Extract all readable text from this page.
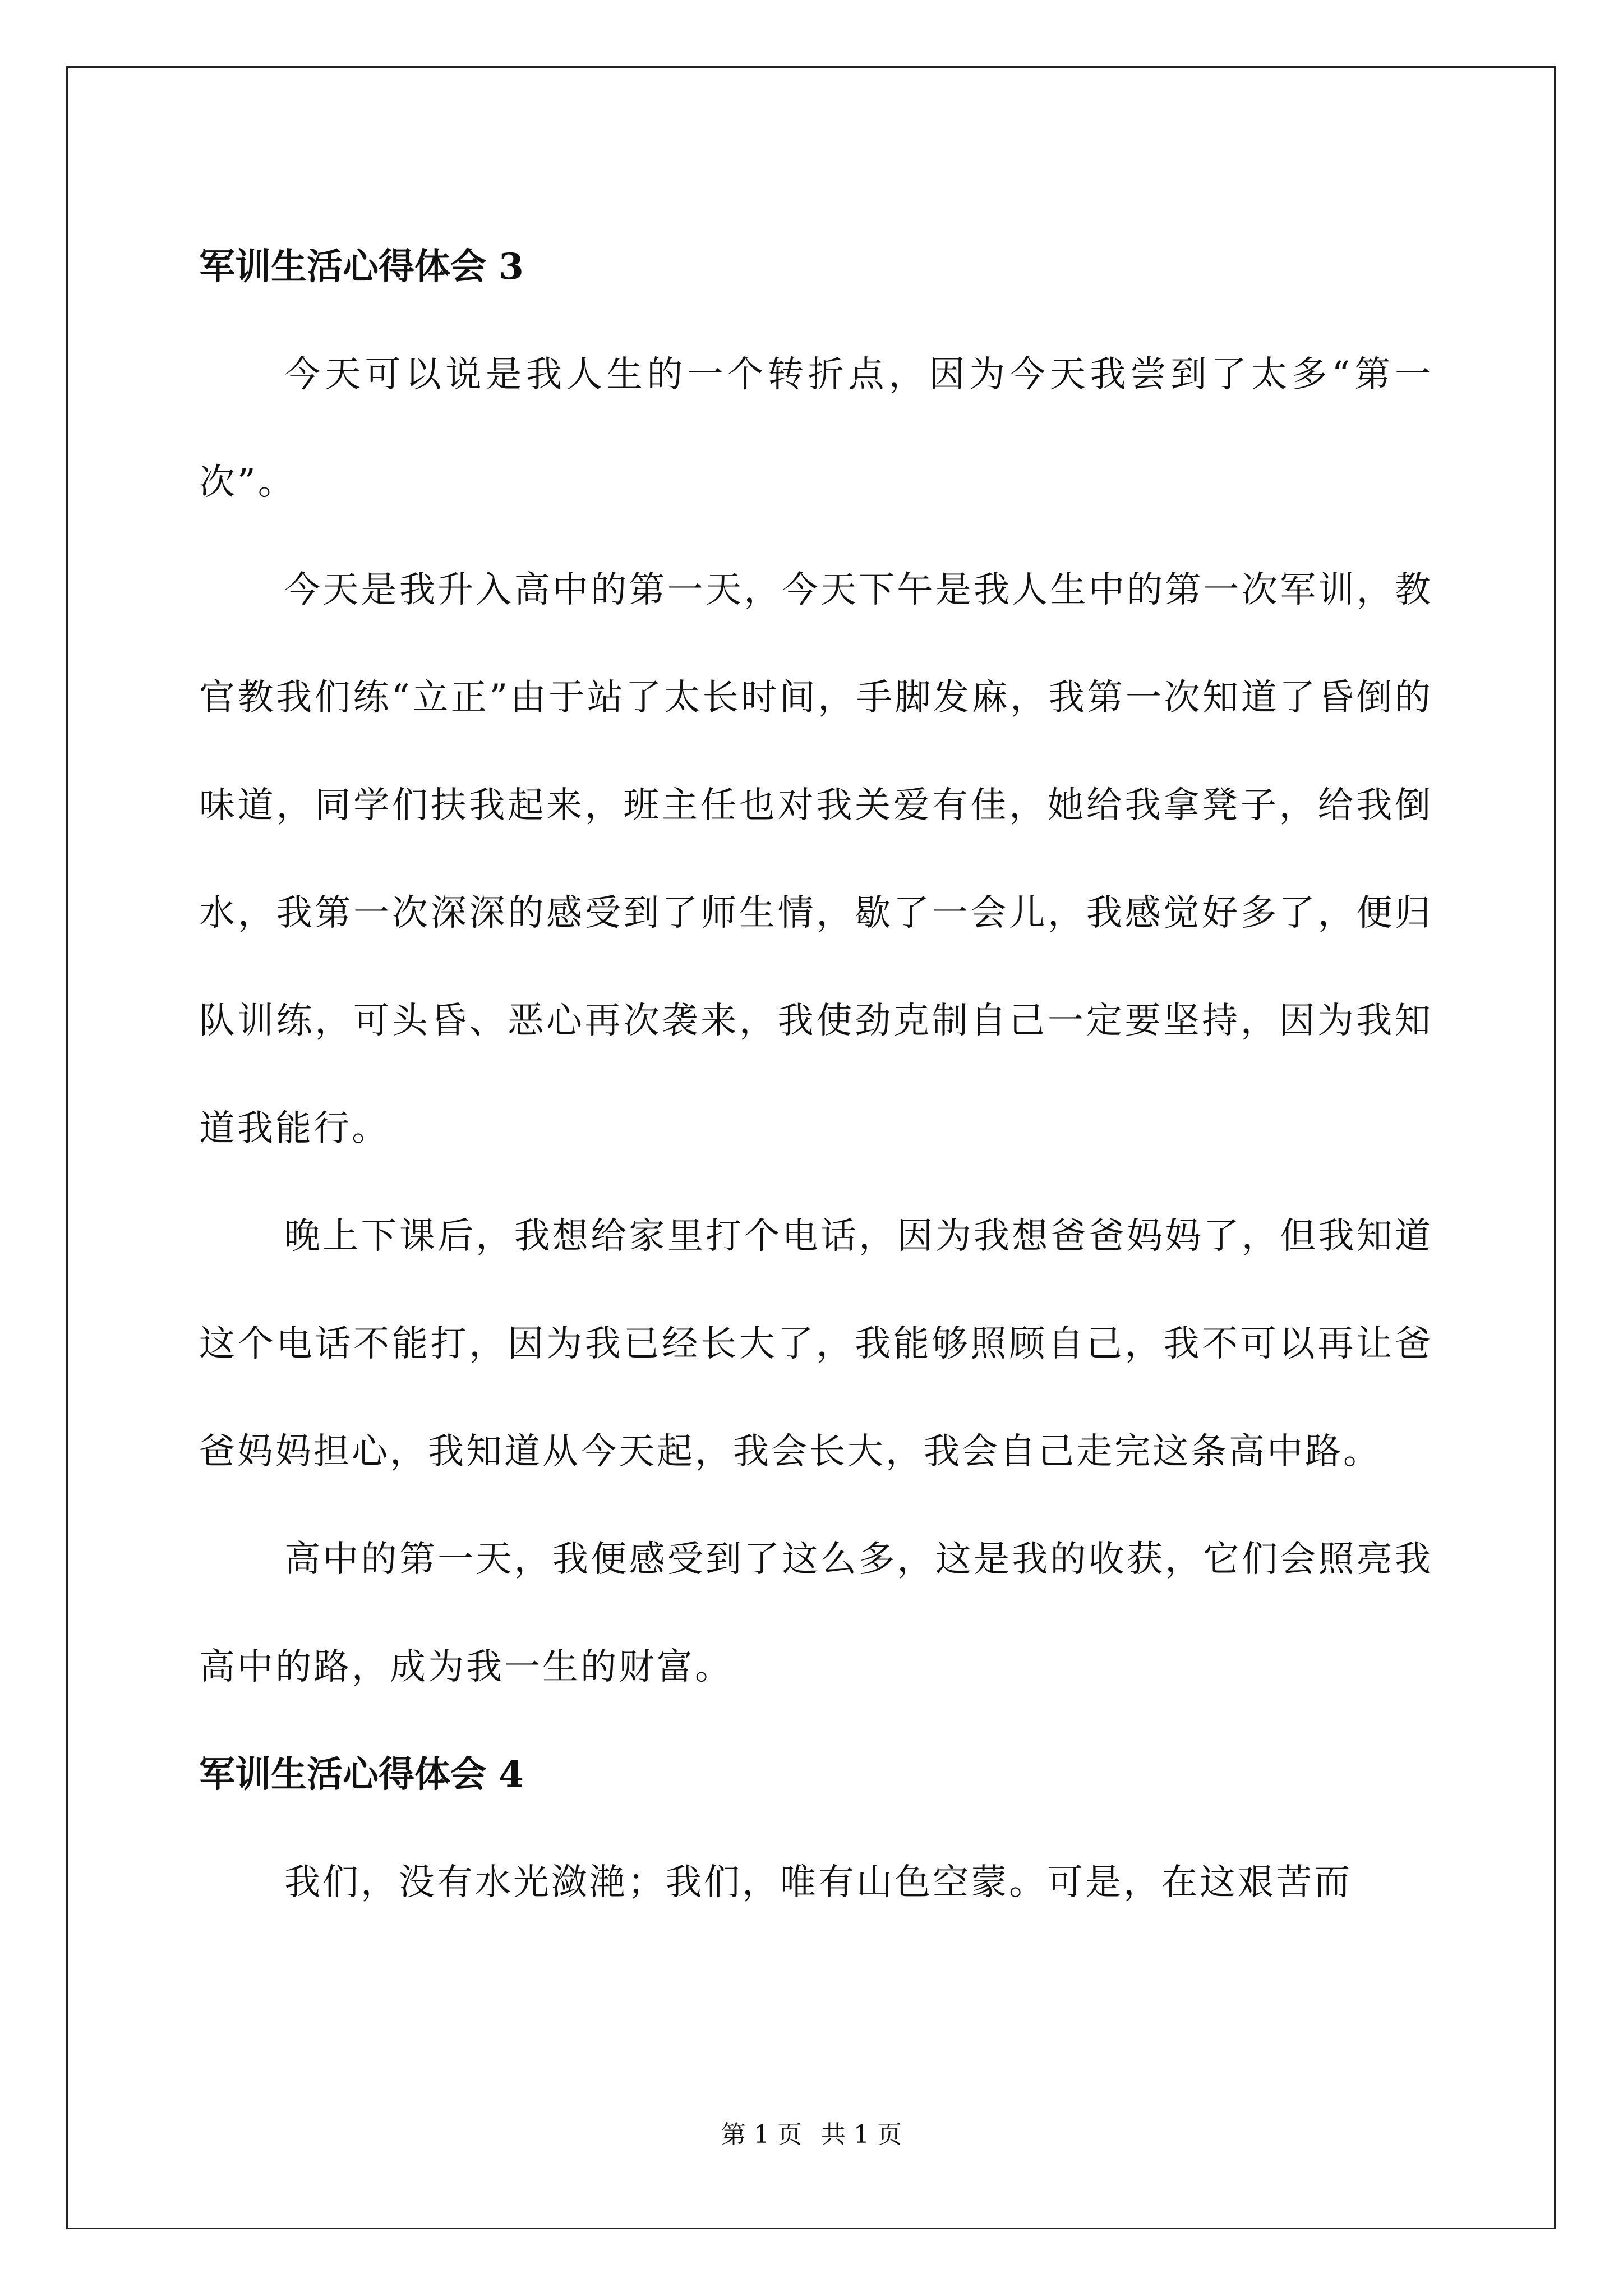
军训生活心得体会 3

今天可以说是我人生的一个转折点，因为今天我尝到了太多“第一次”。

今天是我升入高中的第一天，今天下午是我人生中的第一次军训，教官教我们练“立正”由于站了太长时间，手脚发麻，我第一次知道了昏倒的味道，同学们扶我起来，班主任也对我关爱有佳，她给我拿凳子，给我倒水，我第一次深深的感受到了师生情，歇了一会儿，我感觉好多了，便归队训练，可头昏、恶心再次袭来，我使劲克制自己一定要坚持，因为我知道我能行。

晚上下课后，我想给家里打个电话，因为我想爸爸妈妈了，但我知道这个电话不能打，因为我已经长大了，我能够照顾自己，我不可以再让爸爸妈妈担心，我知道从今天起，我会长大，我会自己走完这条高中路。

高中的第一天，我便感受到了这么多，这是我的收获，它们会照亮我高中的路，成为我一生的财富。

军训生活心得体会 4

我们，没有水光潋滟；我们，唯有山色空蒙。可是，在这艰苦而

第 1 页 共 1 页
